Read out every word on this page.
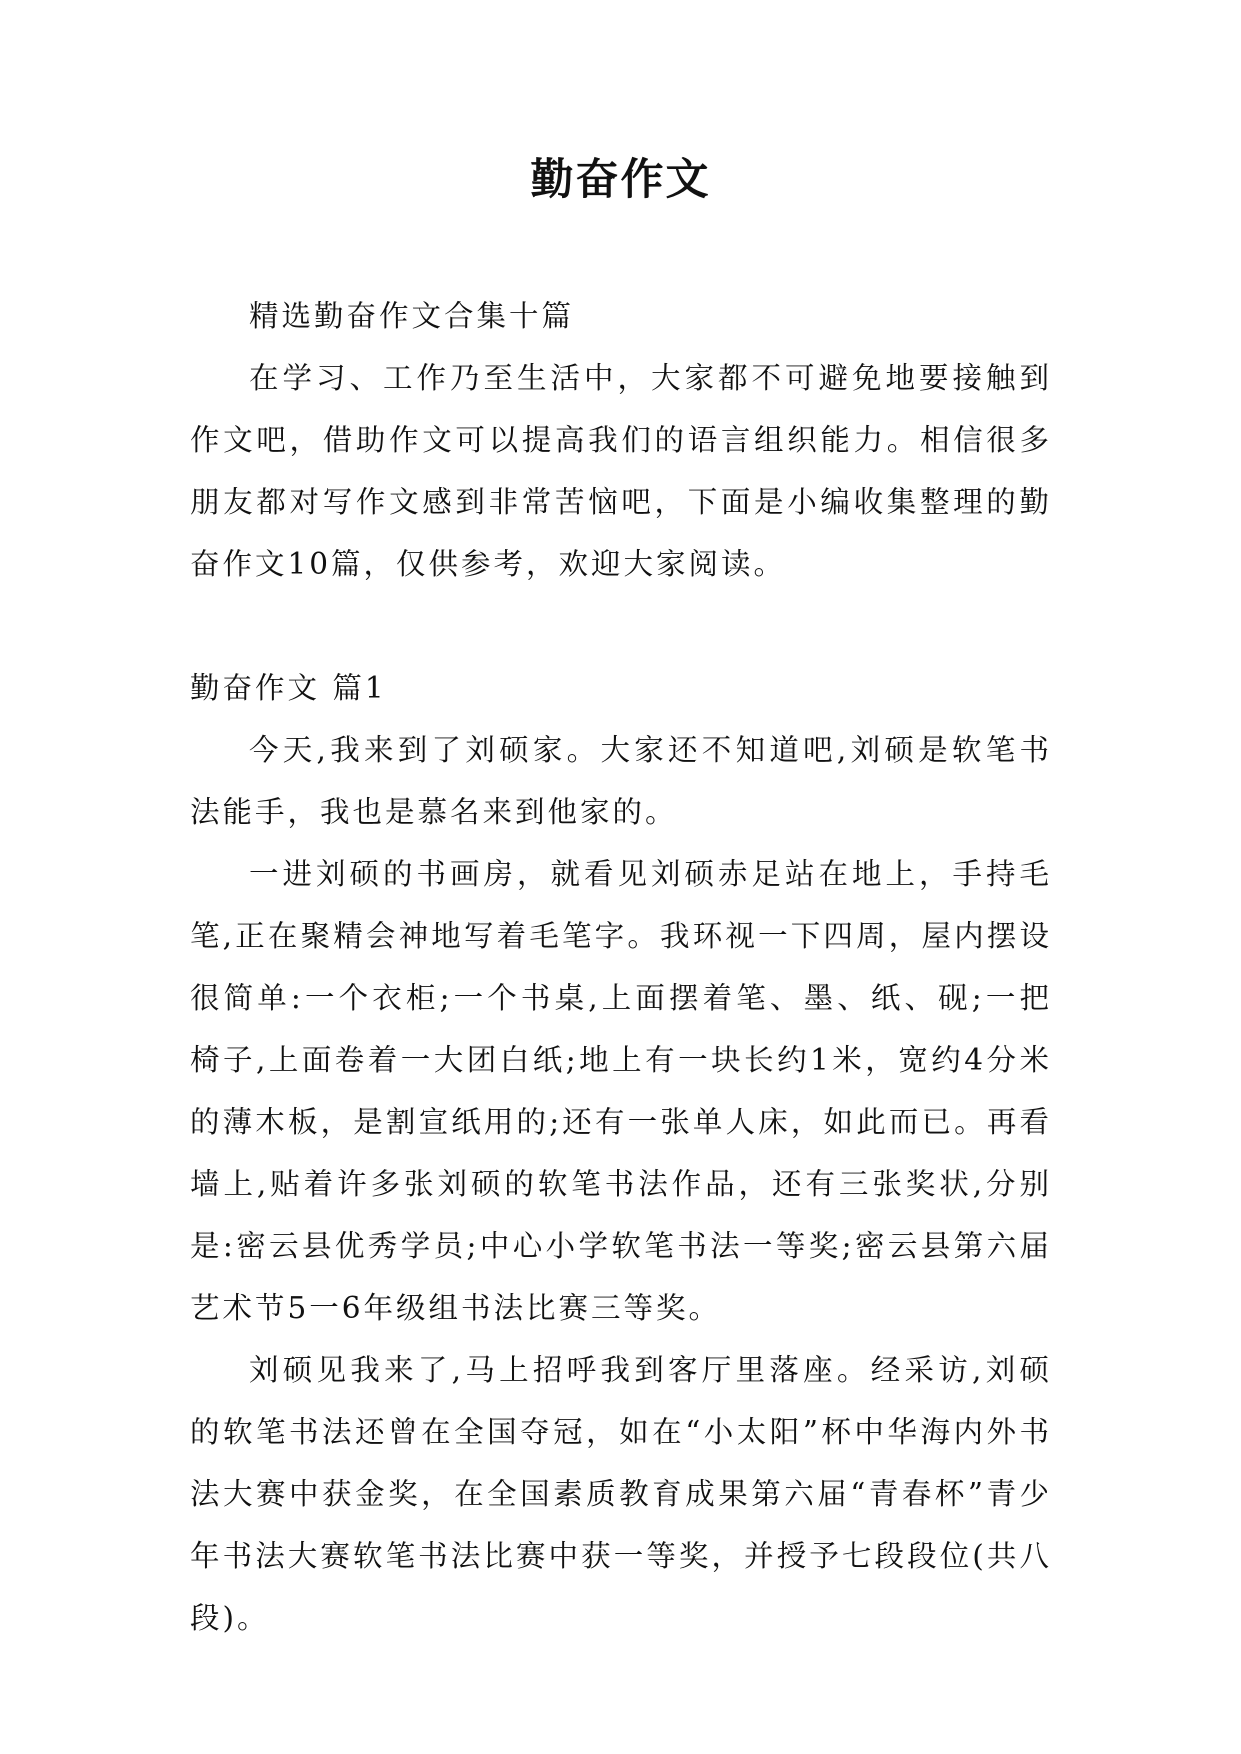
勤奋作文

精选勤奋作文合集十篇

在学习、工作乃至生活中，大家都不可避免地要接触到作文吧，借助作文可以提高我们的语言组织能力。相信很多朋友都对写作文感到非常苦恼吧，下面是小编收集整理的勤奋作文10篇，仅供参考，欢迎大家阅读。

勤奋作文 篇1

今天,我来到了刘硕家。大家还不知道吧,刘硕是软笔书法能手，我也是慕名来到他家的。

一进刘硕的书画房，就看见刘硕赤足站在地上，手持毛笔,正在聚精会神地写着毛笔字。我环视一下四周，屋内摆设很简单:一个衣柜;一个书桌,上面摆着笔、墨、纸、砚;一把椅子,上面卷着一大团白纸;地上有一块长约1米，宽约4分米的薄木板，是割宣纸用的;还有一张单人床，如此而已。再看墙上,贴着许多张刘硕的软笔书法作品，还有三张奖状,分别是:密云县优秀学员;中心小学软笔书法一等奖;密云县第六届艺术节5一6年级组书法比赛三等奖。

刘硕见我来了,马上招呼我到客厅里落座。经采访,刘硕的软笔书法还曾在全国夺冠，如在“小太阳”杯中华海内外书法大赛中获金奖，在全国素质教育成果第六届“青春杯”青少年书法大赛软笔书法比赛中获一等奖，并授予七段段位(共八段)。
